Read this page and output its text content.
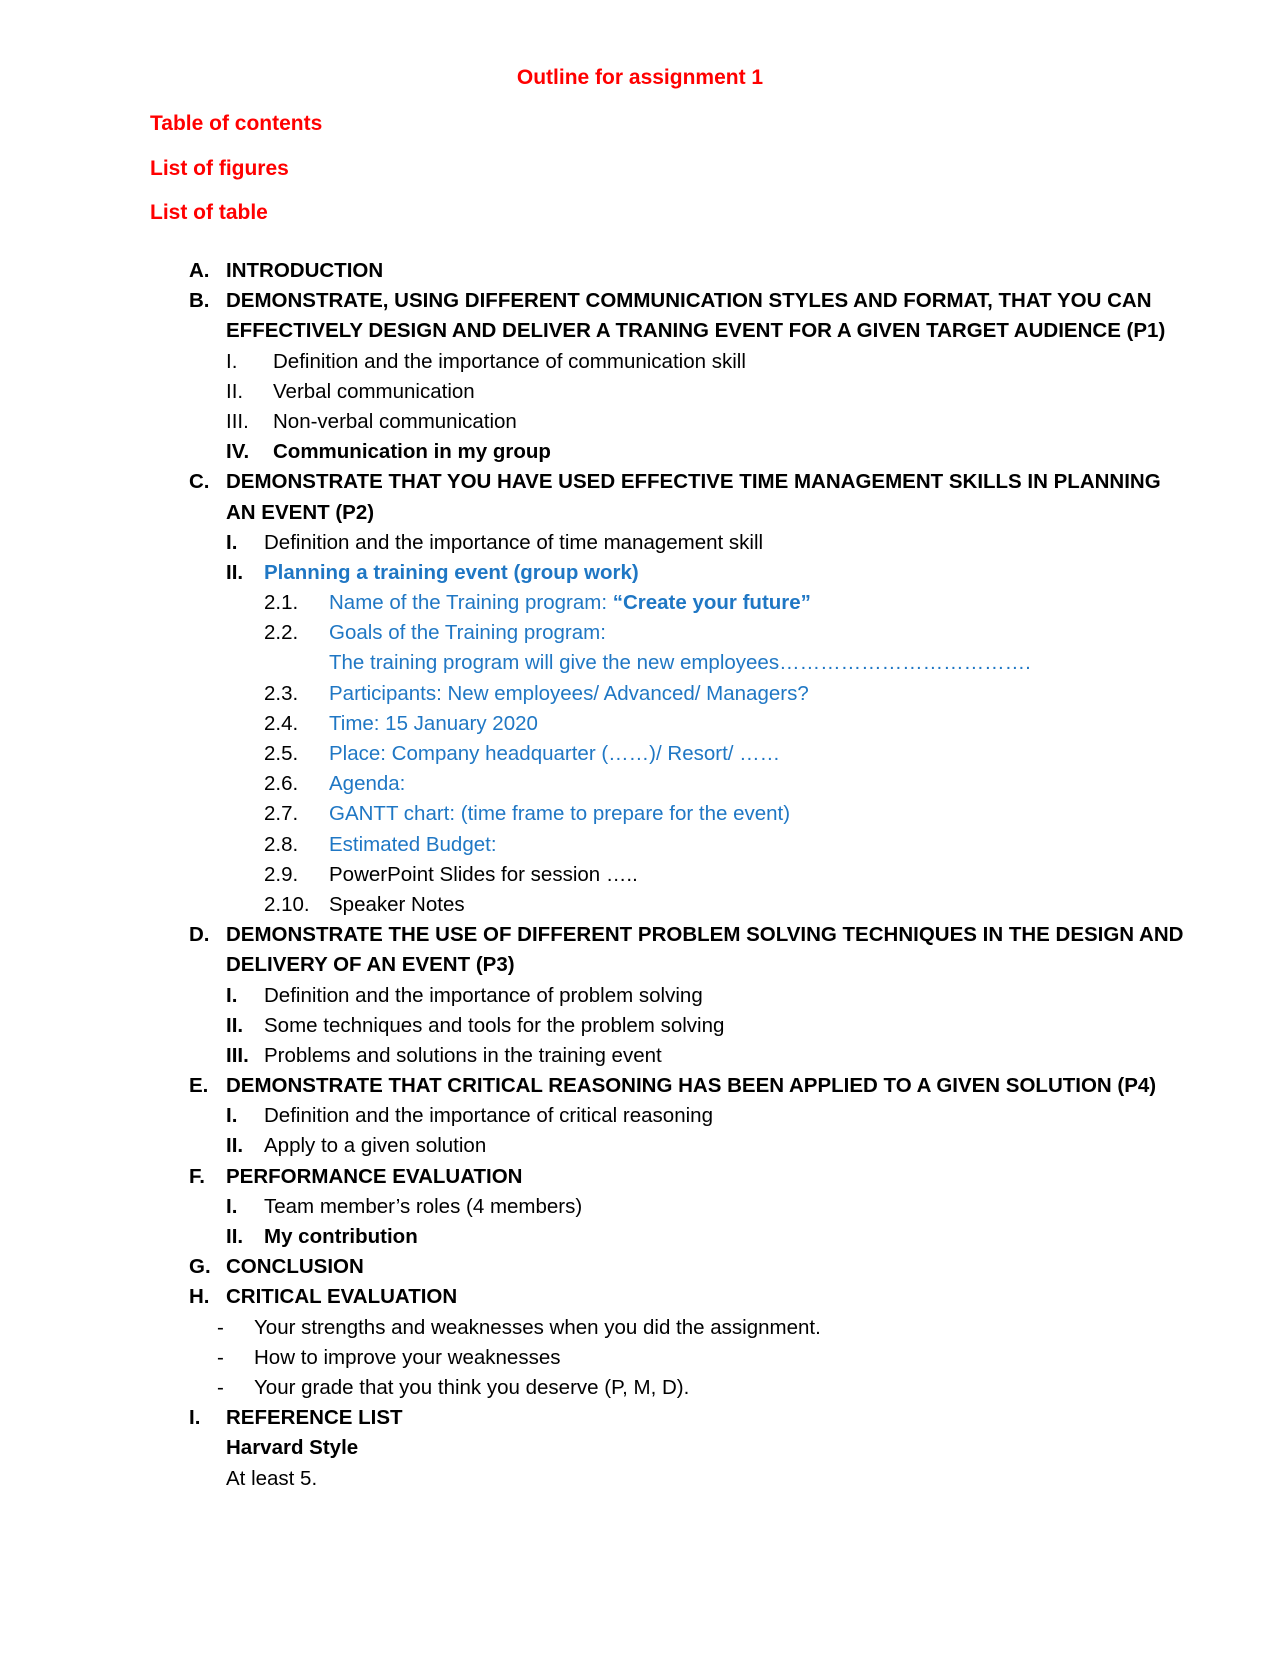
Outline for assignment 1
Table of contents
List of figures
List of table
A. INTRODUCTION
B. DEMONSTRATE, USING DIFFERENT COMMUNICATION STYLES AND FORMAT, THAT YOU CAN
EFFECTIVELY DESIGN AND DELIVER A TRANING EVENT FOR A GIVEN TARGET AUDIENCE (P1)
I. Definition and the importance of communication skill
II. Verbal communication
III. Non-verbal communication
IV. Communication in my group
C. DEMONSTRATE THAT YOU HAVE USED EFFECTIVE TIME MANAGEMENT SKILLS IN PLANNING
AN EVENT (P2)
I. Definition and the importance of time management skill
II. Planning a training event (group work)
2.1. Name of the Training program: “Create your future”
2.2. Goals of the Training program:
The training program will give the new employees……………………………….
2.3. Participants: New employees/ Advanced/ Managers?
2.4. Time: 15 January 2020
2.5. Place: Company headquarter (……)/ Resort/ ……
2.6. Agenda:
2.7. GANTT chart: (time frame to prepare for the event)
2.8. Estimated Budget:
2.9. PowerPoint Slides for session …..
2.10. Speaker Notes
D. DEMONSTRATE THE USE OF DIFFERENT PROBLEM SOLVING TECHNIQUES IN THE DESIGN AND
DELIVERY OF AN EVENT (P3)
I. Definition and the importance of problem solving
II. Some techniques and tools for the problem solving
III. Problems and solutions in the training event
E. DEMONSTRATE THAT CRITICAL REASONING HAS BEEN APPLIED TO A GIVEN SOLUTION (P4)
I. Definition and the importance of critical reasoning
II. Apply to a given solution
F. PERFORMANCE EVALUATION
I. Team member’s roles (4 members)
II. My contribution
G. CONCLUSION
H. CRITICAL EVALUATION
- Your strengths and weaknesses when you did the assignment.
- How to improve your weaknesses
- Your grade that you think you deserve (P, M, D).
I. REFERENCE LIST
Harvard Style
At least 5.
